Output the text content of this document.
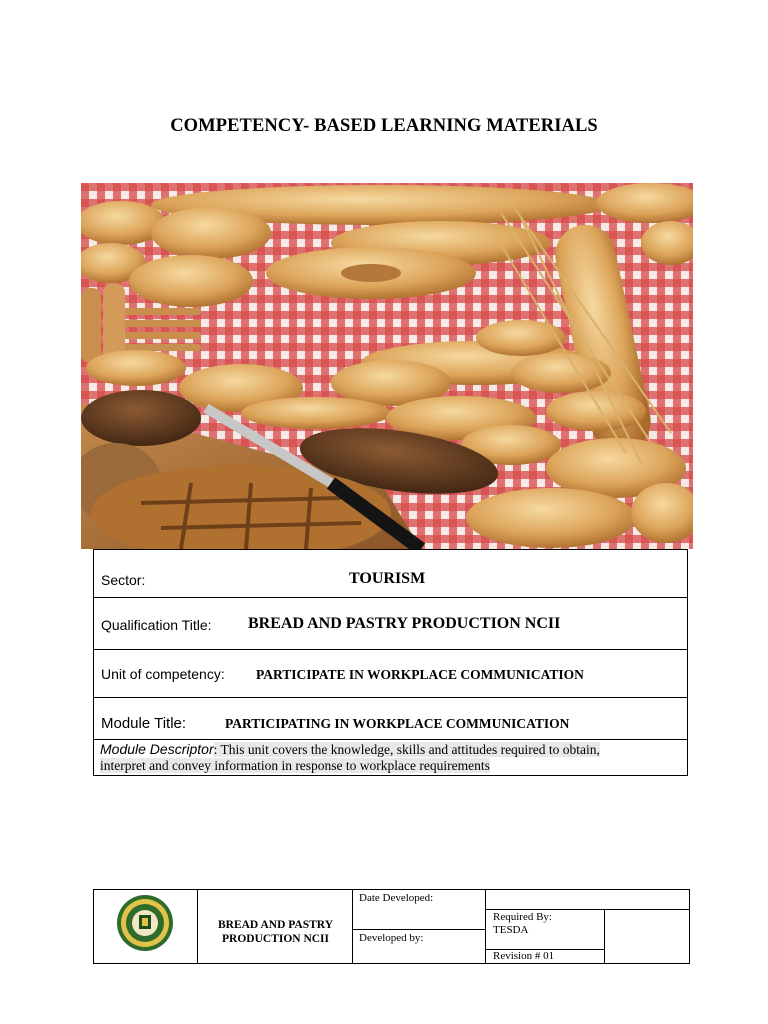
COMPETENCY- BASED LEARNING MATERIALS
Sector:	TOURISM
Qualification Title: BREAD AND PASTRY PRODUCTION NCII
Unit of competency: PARTICIPATE IN WORKPLACE COMMUNICATION
Module Title:	PARTICIPATING IN WORKPLACE COMMUNICATION
Module Descriptor: This unit covers the knowledge, skills and attitudes required to obtain,
interpret and convey information in response to workplace requirements
BREAD AND PASTRY
PRODUCTION NCII
Date Developed:
Developed by:
Required By:
TESDA
Revision # 01
